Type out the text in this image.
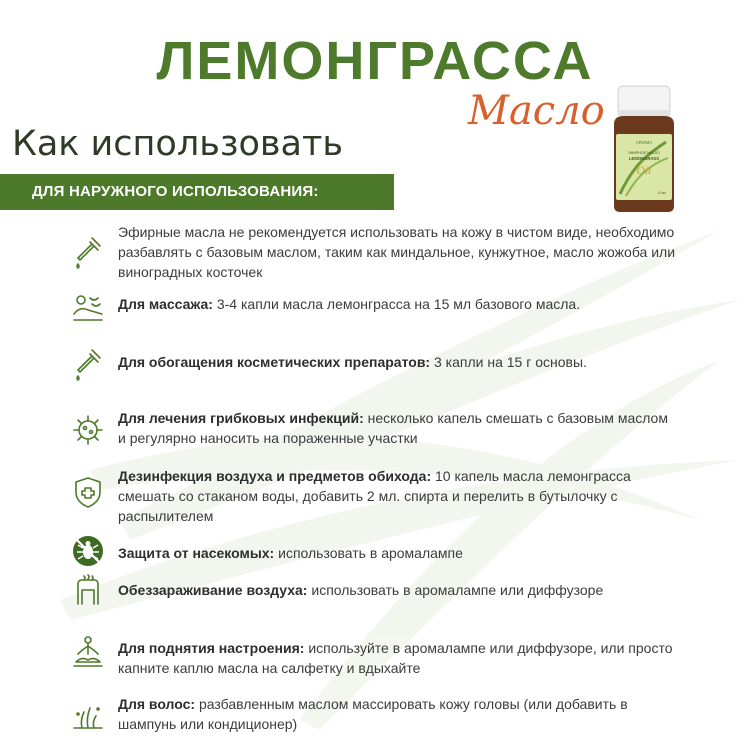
ЛЕМОНГРАССА
Масло
Как использовать
ДЛЯ НАРУЖНОГО ИСПОЛЬЗОВАНИЯ:
AROMA
ЭФИРНОЕ МАСЛО
LEMONGRASS
Oil
10 мл
Эфирные масла не рекомендуется использовать на кожу в чистом виде, необходимо разбавлять с базовым маслом, таким как миндальное, кунжутное, масло жожоба или виноградных косточек
Для массажа: 3-4 капли масла лемонграсса на 15 мл базового масла.
Для обогащения косметических препаратов: 3 капли на 15 г основы.
Для лечения грибковых инфекций: несколько капель смешать с базовым маслом и регулярно наносить на пораженные участки
Дезинфекция воздуха и предметов обихода: 10 капель масла лемонграсса смешать со стаканом воды, добавить 2 мл. спирта и перелить в бутылочку с распылителем
Защита от насекомых: использовать в аромалампе
Обеззараживание воздуха: использовать в аромалампе или диффузоре
Для поднятия настроения: используйте в аромалампе или диффузоре, или просто капните каплю масла на салфетку и вдыхайте
Для волос: разбавленным маслом массировать кожу головы (или добавить в шампунь или кондиционер)
